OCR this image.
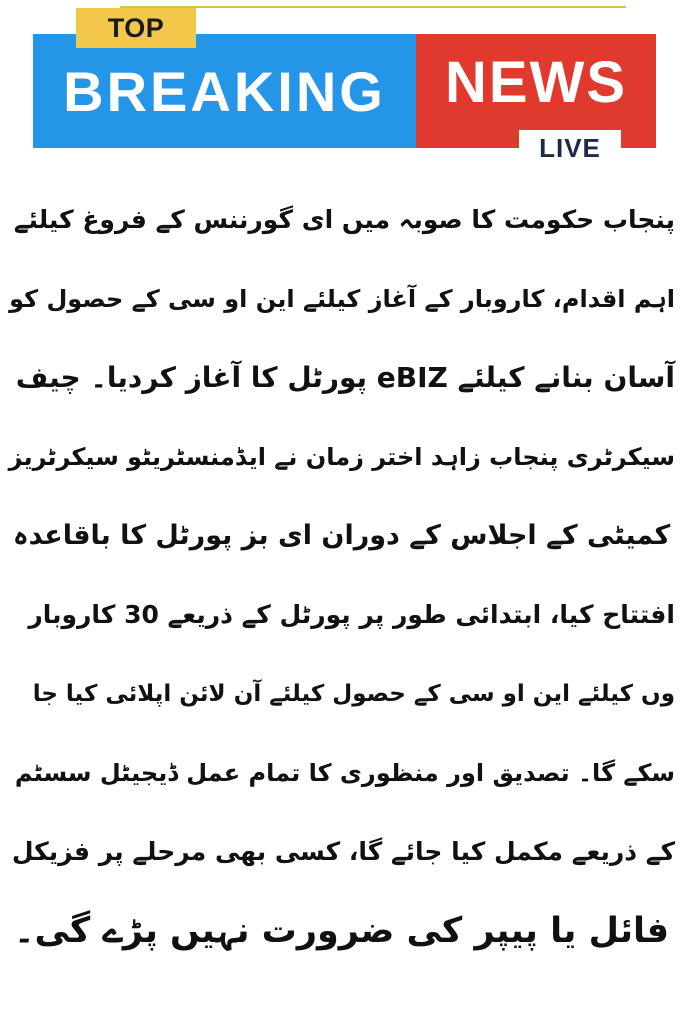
BREAKING NEWS
TOP
LIVE
پنجاب حکومت کا صوبہ میں ای گورننس کے فروغ کیلئے
اہم اقدام، کاروبار کے آغاز کیلئے این او سی کے حصول کو
آسان بنانے کیلئے eBIZ پورٹل کا آغاز کردیا۔ چیف
سیکرٹری پنجاب زاہد اختر زمان نے ایڈمنسٹریٹو سیکرٹریز
کمیٹی کے اجلاس کے دوران ای بز پورٹل کا باقاعدہ
افتتاح کیا، ابتدائی طور پر پورٹل کے ذریعے 30 کاروبار
وں کیلئے این او سی کے حصول کیلئے آن لائن اپلائی کیا جا
سکے گا۔ تصدیق اور منظوری کا تمام عمل ڈیجیٹل سسٹم
کے ذریعے مکمل کیا جائے گا، کسی بھی مرحلے پر فزیکل
فائل یا پیپر کی ضرورت نہیں پڑے گی۔
